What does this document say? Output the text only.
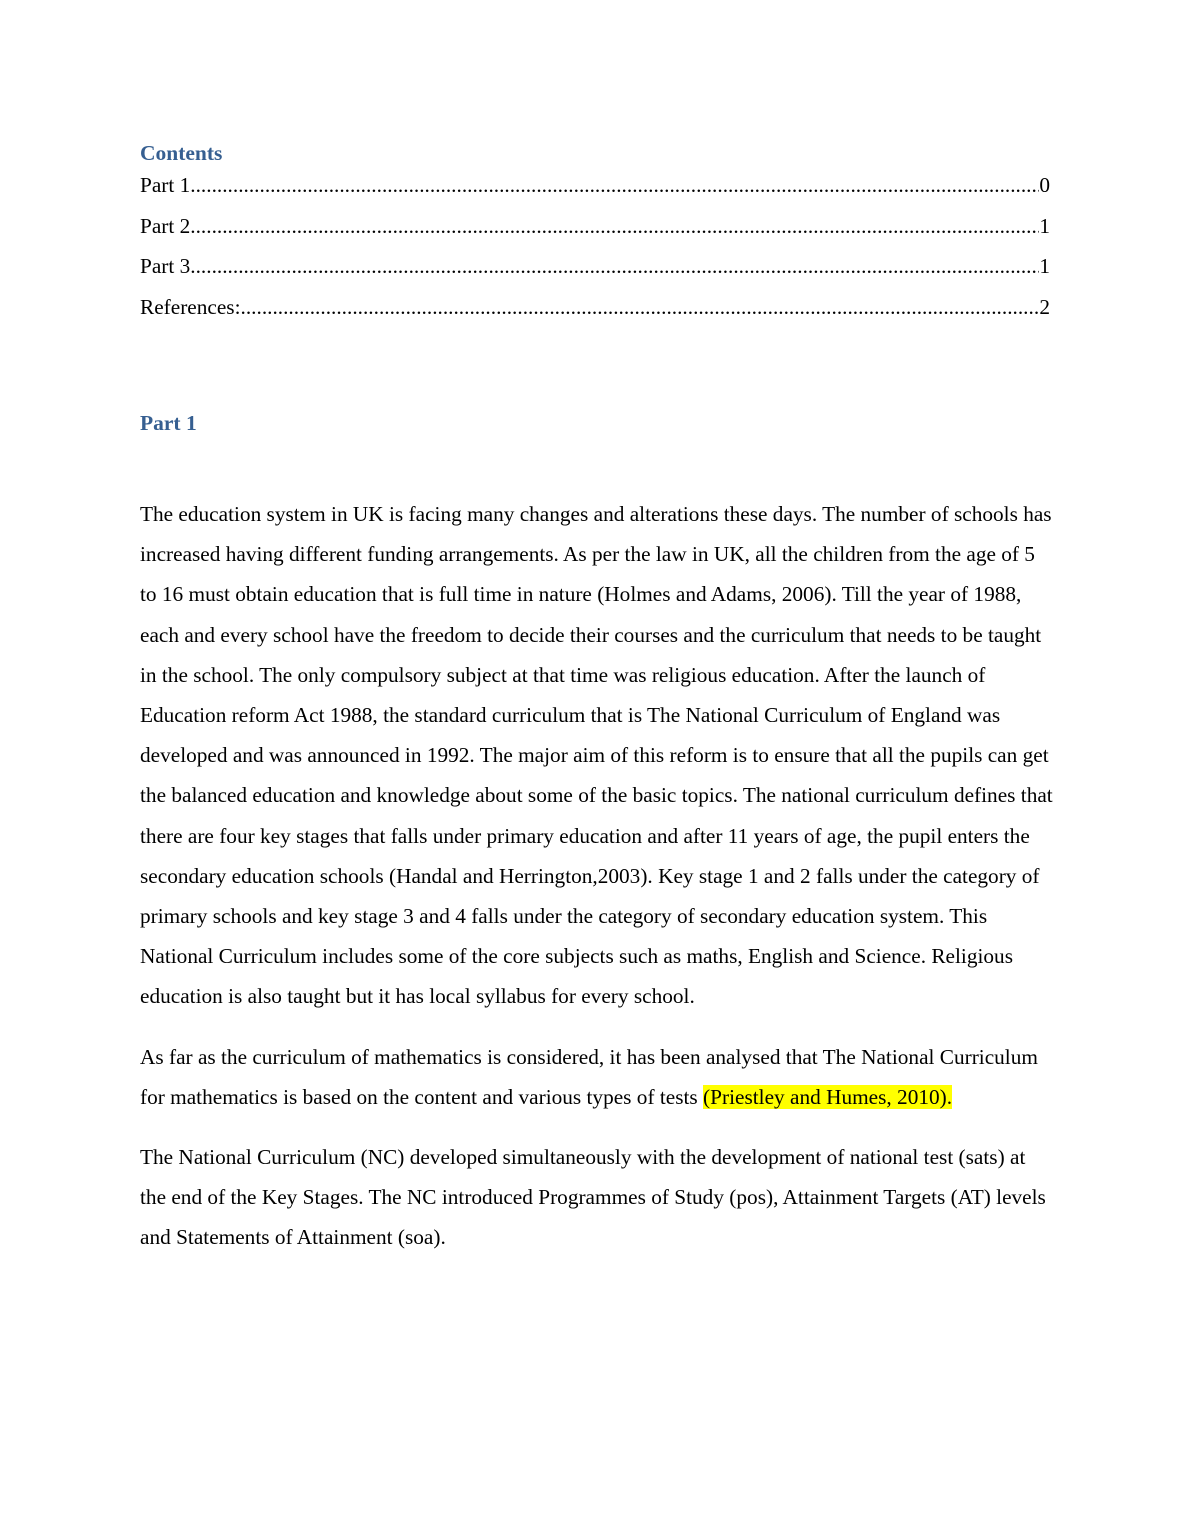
Contents
Part 1 .....	0
Part 2 .....	1
Part 3 .....	1
References: .....	2
Part 1

The education system in UK is facing many changes and alterations these days. The number of schools has increased having different funding arrangements. As per the law in UK, all the children from the age of 5 to 16 must obtain education that is full time in nature (Holmes and Adams, 2006). Till the year of 1988, each and every school have the freedom to decide their courses and the curriculum that needs to be taught in the school. The only compulsory subject at that time was religious education. After the launch of Education reform Act 1988, the standard curriculum that is The National Curriculum of England was developed and was announced in 1992. The major aim of this reform is to ensure that all the pupils can get the balanced education and knowledge about some of the basic topics. The national curriculum defines that there are four key stages that falls under primary education and after 11 years of age, the pupil enters the secondary education schools (Handal and Herrington,2003). Key stage 1 and 2 falls under the category of primary schools and key stage 3 and 4 falls under the category of secondary education system. This National Curriculum includes some of the core subjects such as maths, English and Science. Religious education is also taught but it has local syllabus for every school.

As far as the curriculum of mathematics is considered, it has been analysed that The National Curriculum for mathematics is based on the content and various types of tests (Priestley and Humes, 2010).

The National Curriculum (NC) developed simultaneously with the development of national test (sats) at the end of the Key Stages. The NC introduced Programmes of Study (pos), Attainment Targets (AT) levels and Statements of Attainment (soa).
